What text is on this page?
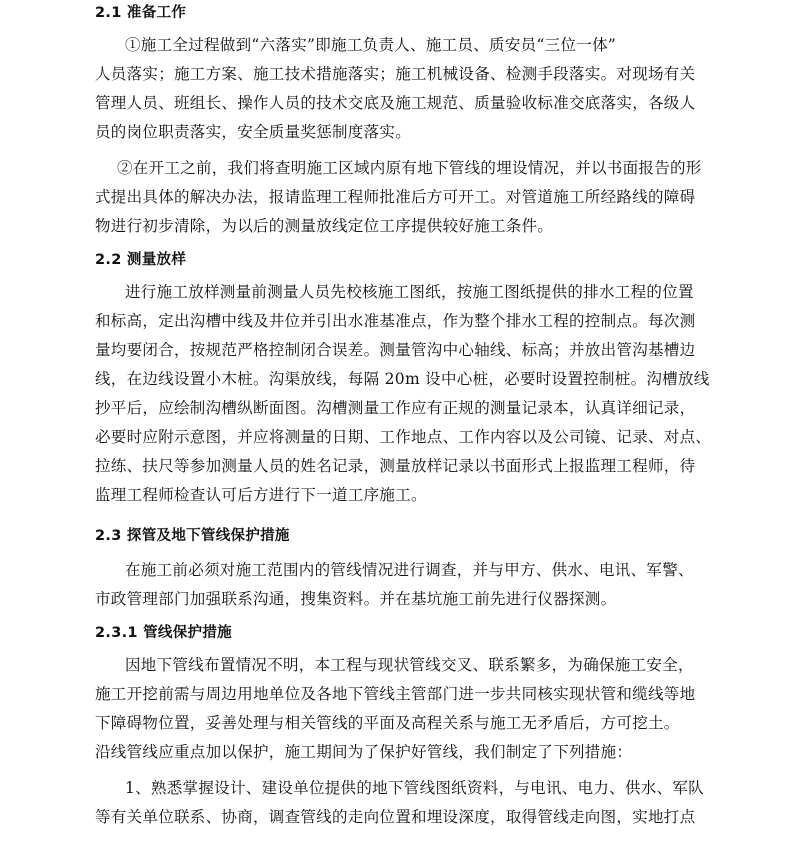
2.1 准备工作
①施工全过程做到“六落实”即施工负责人、施工员、质安员“三位一体”
人员落实；施工方案、施工技术措施落实；施工机械设备、检测手段落实。对现场有关
管理人员、班组长、操作人员的技术交底及施工规范、质量验收标准交底落实，各级人
员的岗位职责落实，安全质量奖惩制度落实。
②在开工之前，我们将查明施工区域内原有地下管线的埋设情况，并以书面报告的形
式提出具体的解决办法，报请监理工程师批准后方可开工。对管道施工所经路线的障碍
物进行初步清除，为以后的测量放线定位工序提供较好施工条件。
2.2 测量放样
进行施工放样测量前测量人员先校核施工图纸，按施工图纸提供的排水工程的位置
和标高，定出沟槽中线及井位并引出水准基准点，作为整个排水工程的控制点。每次测
量均要闭合，按规范严格控制闭合误差。测量管沟中心轴线、标高；并放出管沟基槽边
线，在边线设置小木桩。沟渠放线，每隔 20m 设中心桩，必要时设置控制桩。沟槽放线
抄平后，应绘制沟槽纵断面图。沟槽测量工作应有正规的测量记录本，认真详细记录，
必要时应附示意图，并应将测量的日期、工作地点、工作内容以及公司镜、记录、对点、
拉练、扶尺等参加测量人员的姓名记录，测量放样记录以书面形式上报监理工程师，待
监理工程师检查认可后方进行下一道工序施工。
2.3 探管及地下管线保护措施
在施工前必须对施工范围内的管线情况进行调查，并与甲方、供水、电讯、军警、
市政管理部门加强联系沟通，搜集资料。并在基坑施工前先进行仪器探测。
2.3.1 管线保护措施
因地下管线布置情况不明，本工程与现状管线交叉、联系繁多，为确保施工安全，
施工开挖前需与周边用地单位及各地下管线主管部门进一步共同核实现状管和缆线等地
下障碍物位置，妥善处理与相关管线的平面及高程关系与施工无矛盾后，方可挖土。
沿线管线应重点加以保护，施工期间为了保护好管线，我们制定了下列措施：
1、熟悉掌握设计、建设单位提供的地下管线图纸资料，与电讯、电力、供水、军队
等有关单位联系、协商，调查管线的走向位置和埋设深度，取得管线走向图，实地打点
